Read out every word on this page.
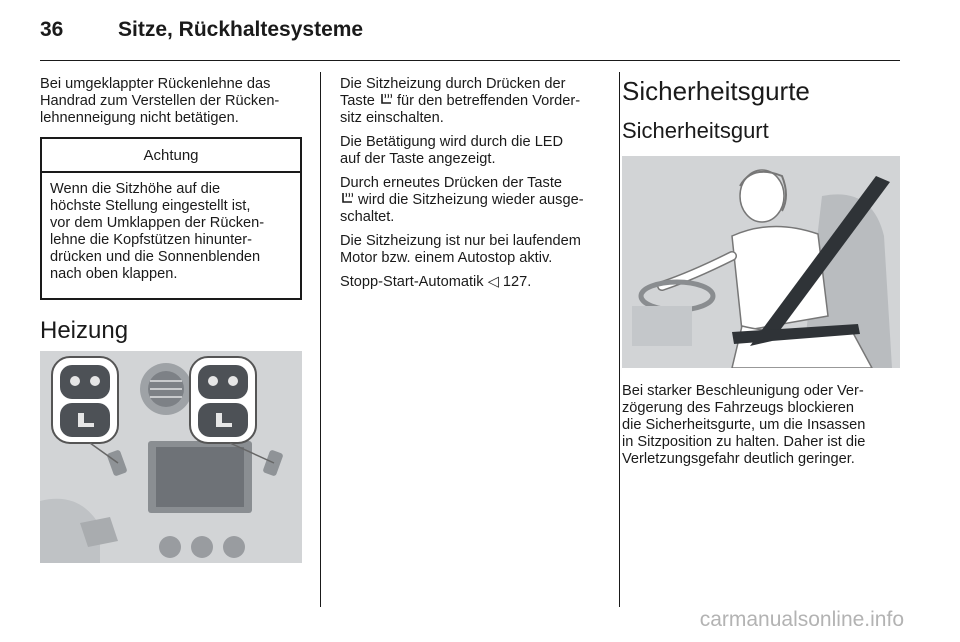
36	Sitze, Rückhaltesysteme

Bei umgeklappter Rückenlehne das
Handrad zum Verstellen der Rücken-
lehnenneigung nicht betätigen.

Achtung

Wenn die Sitzhöhe auf die
höchste Stellung eingestellt ist,
vor dem Umklappen der Rücken-
lehne die Kopfstützen hinunter-
drücken und die Sonnenblenden
nach oben klappen.

Heizung

Die Sitzheizung durch Drücken der
Taste  für den betreffenden Vorder-
sitz einschalten.

Die Betätigung wird durch die LED
auf der Taste angezeigt.

Durch erneutes Drücken der Taste
wird die Sitzheizung wieder ausge-
schaltet.

Die Sitzheizung ist nur bei laufendem
Motor bzw. einem Autostop aktiv.

Stopp-Start-Automatik ◁ 127.

Sicherheitsgurte
Sicherheitsgurt

Bei starker Beschleunigung oder Ver-
zögerung des Fahrzeugs blockieren
die Sicherheitsgurte, um die Insassen
in Sitzposition zu halten. Daher ist die
Verletzungsgefahr deutlich geringer.

carmanualsonline.info
